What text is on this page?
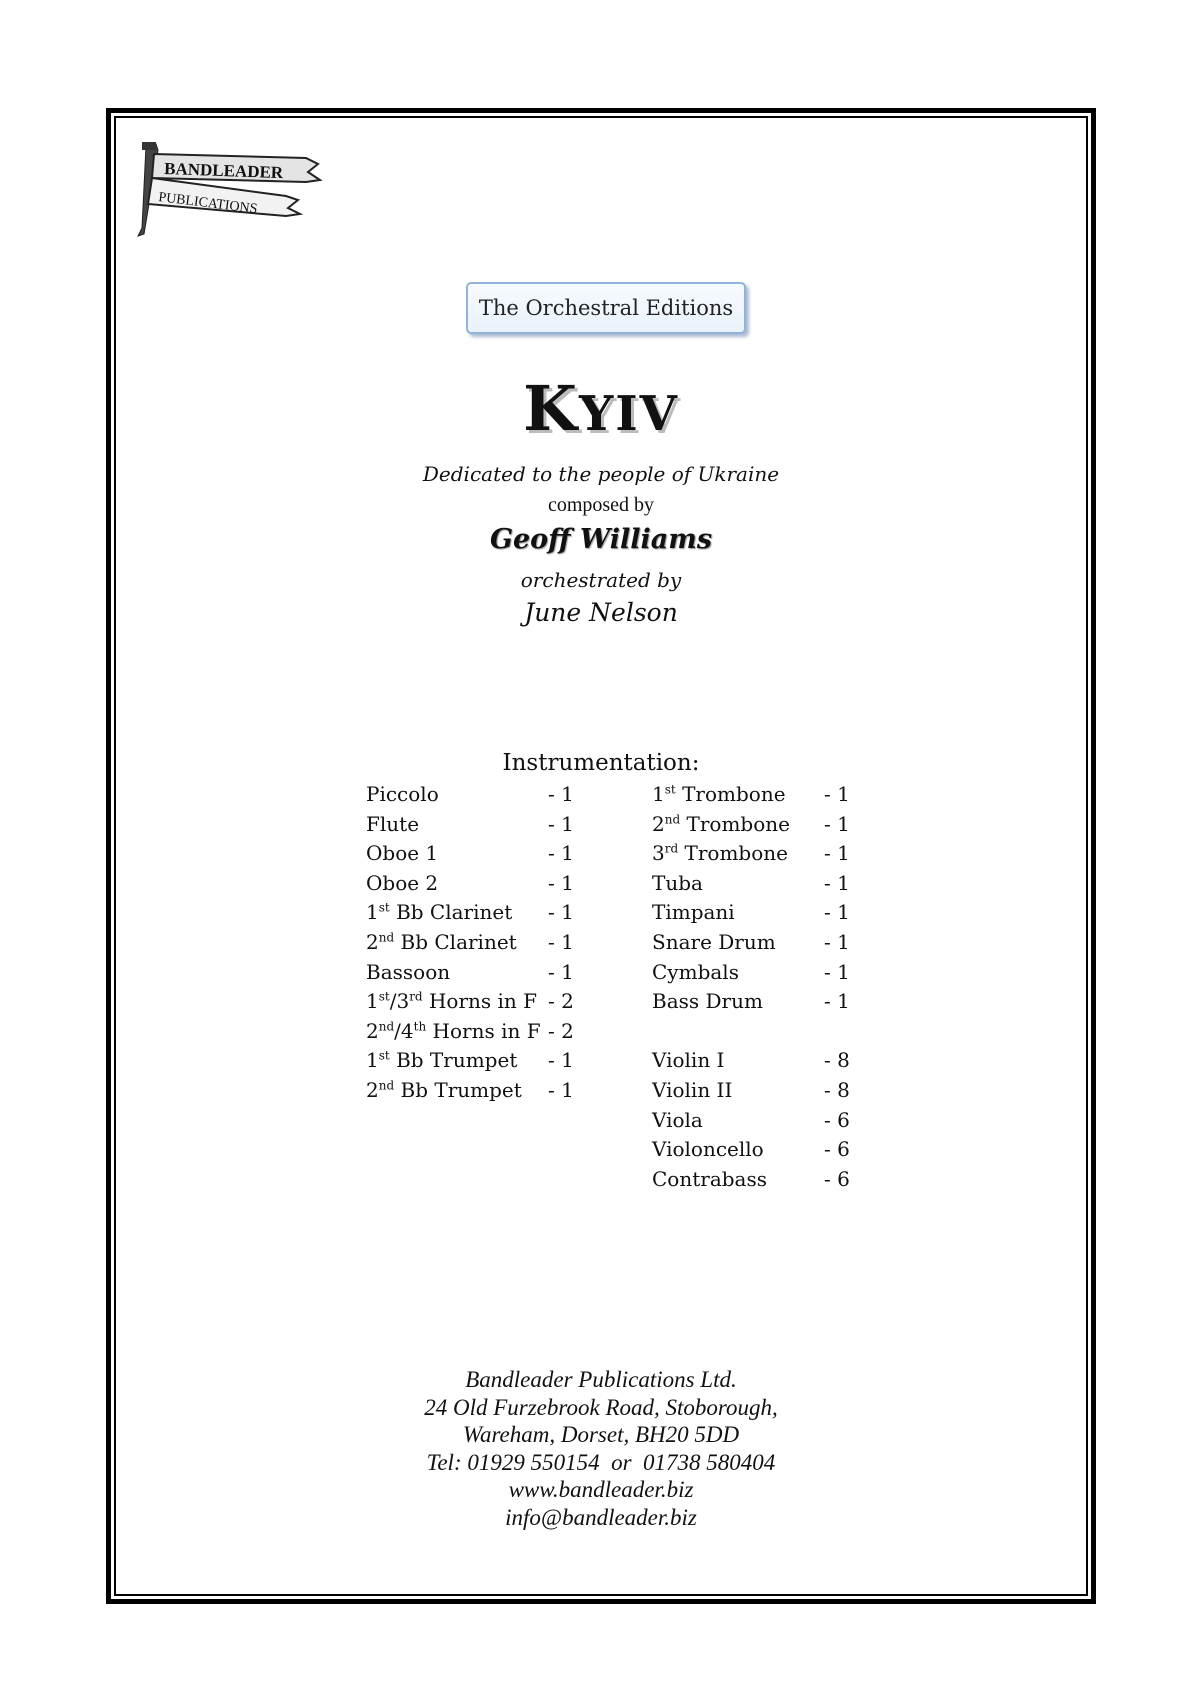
BANDLEADER
PUBLICATIONS
The Orchestral Editions
KYIV
Dedicated to the people of Ukraine
composed by
Geoff Williams
orchestrated by
June Nelson
Instrumentation:
Piccolo	- 1
Flute	- 1
Oboe 1	- 1
Oboe 2	- 1
1st Bb Clarinet	- 1
2nd Bb Clarinet	- 1
Bassoon	- 1
1st/3rd Horns in F - 2
2nd/4th Horns in F - 2
1st Bb Trumpet	- 1
2nd Bb Trumpet	- 1
1st Trombone	- 1
2nd Trombone	- 1
3rd Trombone	- 1
Tuba	- 1
Timpani	- 1
Snare Drum	- 1
Cymbals	- 1
Bass Drum	- 1
Violin I	- 8
Violin II	- 8
Viola	- 6
Violoncello	- 6
Contrabass	- 6
Bandleader Publications Ltd.
24 Old Furzebrook Road, Stoborough,
Wareham, Dorset, BH20 5DD
Tel: 01929 550154  or  01738 580404
www.bandleader.biz
info@bandleader.biz
